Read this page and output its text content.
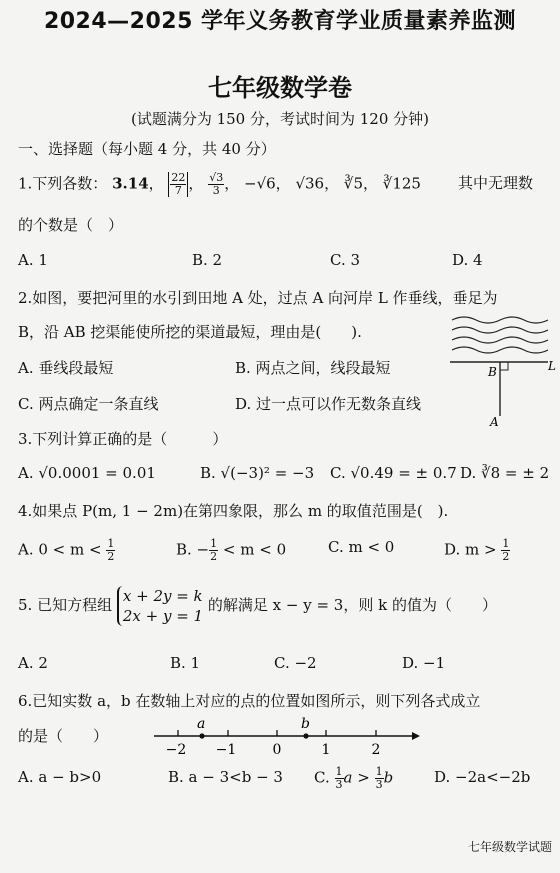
2024—2025 学年义务教育学业质量素养监测
七年级数学卷
(试题满分为 150 分，考试时间为 120 分钟)
一、选择题（每小题 4 分，共 40 分）
1.下列各数： 3.14， $\frac{22}{7}$ ， $\frac{√3}{3}$ ， −√6， √36， ∛5， ∛125 其中无理数
的个数是（　）
A. 1	B. 2	C. 3	D. 4
2.如图，要把河里的水引到田地 A 处，过点 A 向河岸 L 作垂线，垂足为
B，沿 AB 挖渠能使所挖的渠道最短，理由是(　　).
A. 垂线段最短	B. 两点之间，线段最短
C. 两点确定一条直线	D. 过一点可以作无数条直线
B	L
A
3.下列计算正确的是（　　　）
A. √0.0001 = 0.01	B. √(−3)² = −3 C. √0.49 = ± 0.7 D. ∛8 = ± 2
4.如果点 P(m, 1 − 2m)在第四象限，那么 m 的取值范围是(　).
A. $0 < m < \frac{1}{2}$	B. − $\frac{1}{2} < m < 0$	C. m < 0	D. $m > \frac{1}{2}$
5. 已知方程组 x + 2y = k
2x + y = 1
的解满足 x − y = 3，则 k 的值为（　　）
A. 2	B. 1	C. −2	D. −1
6.已知实数 a，b 在数轴上对应的点的位置如图所示，则下列各式成立
的是（　　）
a	b
−2 −1	0	1	2
A. a − b>0	B. a − 3<b − 3 C. $\frac{1}{3}$ $a > \frac{1}{3}$ b	D. −2a<−2b
七年级数学试题
